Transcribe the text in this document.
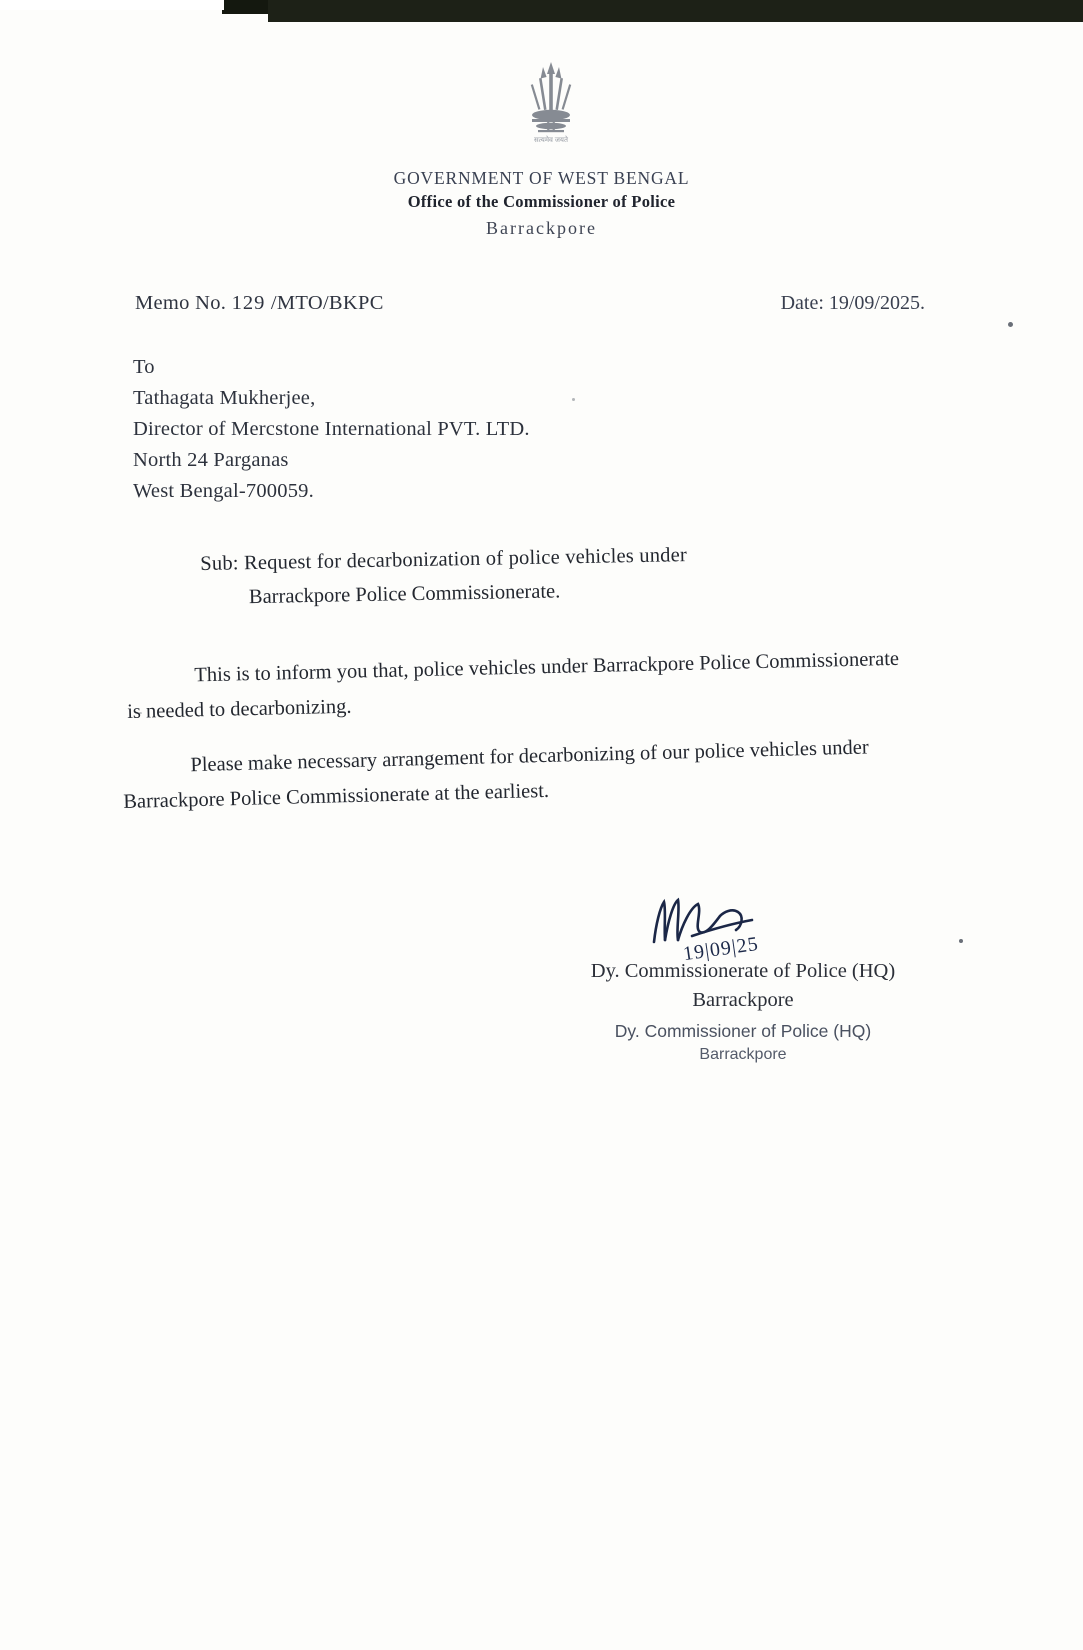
सत्यमेव जयते
GOVERNMENT OF WEST BENGAL
Office of the Commissioner of Police
Barrackpore
Memo No. 129 /MTO/BKPC	Date: 19/09/2025.
To
Tathagata Mukherjee,
Director of Mercstone International PVT. LTD.
North 24 Parganas
West Bengal-700059.
Sub: Request for decarbonization of police vehicles under
Barrackpore Police Commissionerate.
This is to inform you that, police vehicles under Barrackpore Police Commissionerate is needed to decarbonizing.
Please make necessary arrangement for decarbonizing of our police vehicles under Barrackpore Police Commissionerate at the earliest.
19|09|25
Dy. Commissionerate of Police (HQ)
Barrackpore
Dy. Commissioner of Police (HQ)
Barrackpore
